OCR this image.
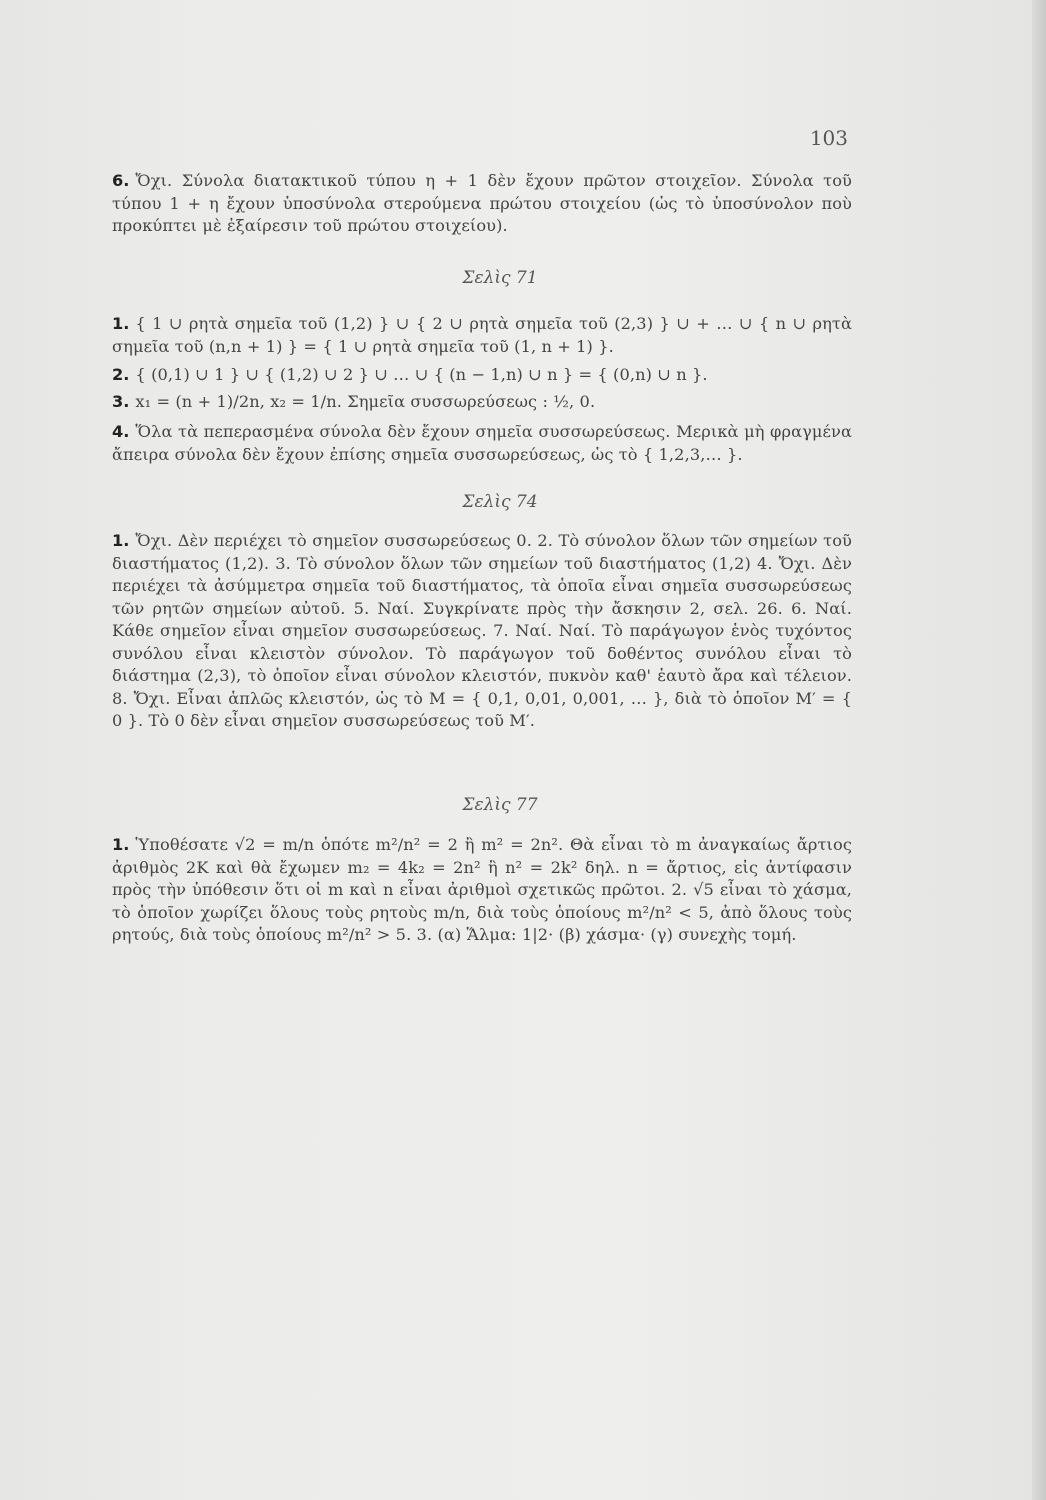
103
6. Ὄχι. Σύνολα διατακτικοῦ τύπου η + 1 δὲν ἔχουν πρῶτον στοιχεῖον. Σύνολα τοῦ τύπου 1 + η ἔχουν ὑποσύνολα στερούμενα πρώτου στοιχείου (ὡς τὸ ὑποσύνολον ποὺ προκύπτει μὲ ἐξαίρεσιν τοῦ πρώτου στοιχείου).
Σελὶς 71
1. { 1 ∪ ρητὰ σημεῖα τοῦ (1,2) } ∪ { 2 ∪ ρητὰ σημεῖα τοῦ (2,3) } ∪ + … ∪ { n ∪ ρητὰ σημεῖα τοῦ (n,n + 1) } = { 1 ∪ ρητὰ σημεῖα τοῦ (1, n + 1) }.
2. { (0,1) ∪ 1 } ∪ { (1,2) ∪ 2 } ∪ … ∪ { (n − 1,n) ∪ n } = { (0,n) ∪ n }.
3. x₁ = (n + 1)/2n, x₂ = 1/n. Σημεῖα συσσωρεύσεως : ½, 0.
4. Ὅλα τὰ πεπερασμένα σύνολα δὲν ἔχουν σημεῖα συσσωρεύσεως. Μερικὰ μὴ φραγμένα ἄπειρα σύνολα δὲν ἔχουν ἐπίσης σημεῖα συσσωρεύσεως, ὡς τὸ { 1,2,3,… }.
Σελὶς 74
1. Ὄχι. Δὲν περιέχει τὸ σημεῖον συσσωρεύσεως 0. 2. Τὸ σύνολον ὅλων τῶν σημείων τοῦ διαστήματος (1,2). 3. Τὸ σύνολον ὅλων τῶν σημείων τοῦ διαστήματος (1,2) 4. Ὄχι. Δὲν περιέχει τὰ ἀσύμμετρα σημεῖα τοῦ διαστήματος, τὰ ὁποῖα εἶναι σημεῖα συσσωρεύσεως τῶν ρητῶν σημείων αὐτοῦ. 5. Ναί. Συγκρίνατε πρὸς τὴν ἄσκησιν 2, σελ. 26. 6. Ναί. Κάθε σημεῖον εἶναι σημεῖον συσσωρεύσεως. 7. Ναί. Ναί. Τὸ παράγωγον ἑνὸς τυχόντος συνόλου εἶναι κλειστὸν σύνολον. Τὸ παράγωγον τοῦ δοθέντος συνόλου εἶναι τὸ διάστημα (2,3), τὸ ὁποῖον εἶναι σύνολον κλειστόν, πυκνὸν καθ' ἑαυτὸ ἄρα καὶ τέλειον. 8. Ὄχι. Εἶναι ἁπλῶς κλειστόν, ὡς τὸ M = { 0,1, 0,01, 0,001, … }, διὰ τὸ ὁποῖον M′ = { 0 }. Τὸ 0 δὲν εἶναι σημεῖον συσσωρεύσεως τοῦ M′.
Σελὶς 77
1. Ὑποθέσατε √2 = m/n ὁπότε m²/n² = 2 ἢ m² = 2n². Θὰ εἶναι τὸ m ἀναγκαίως ἄρτιος ἀριθμὸς 2K καὶ θὰ ἔχωμεν m₂ = 4k₂ = 2n² ἢ n² = 2k² δηλ. n = ἄρτιος, εἰς ἀντίφασιν πρὸς τὴν ὑπόθεσιν ὅτι οἱ m καὶ n εἶναι ἀριθμοὶ σχετικῶς πρῶτοι. 2. √5 εἶναι τὸ χάσμα, τὸ ὁποῖον χωρίζει ὅλους τοὺς ρητοὺς m/n, διὰ τοὺς ὁποίους m²/n² < 5, ἀπὸ ὅλους τοὺς ρητούς, διὰ τοὺς ὁποίους m²/n² > 5. 3. (α) Ἅλμα: 1|2· (β) χάσμα· (γ) συνεχὴς τομή.
